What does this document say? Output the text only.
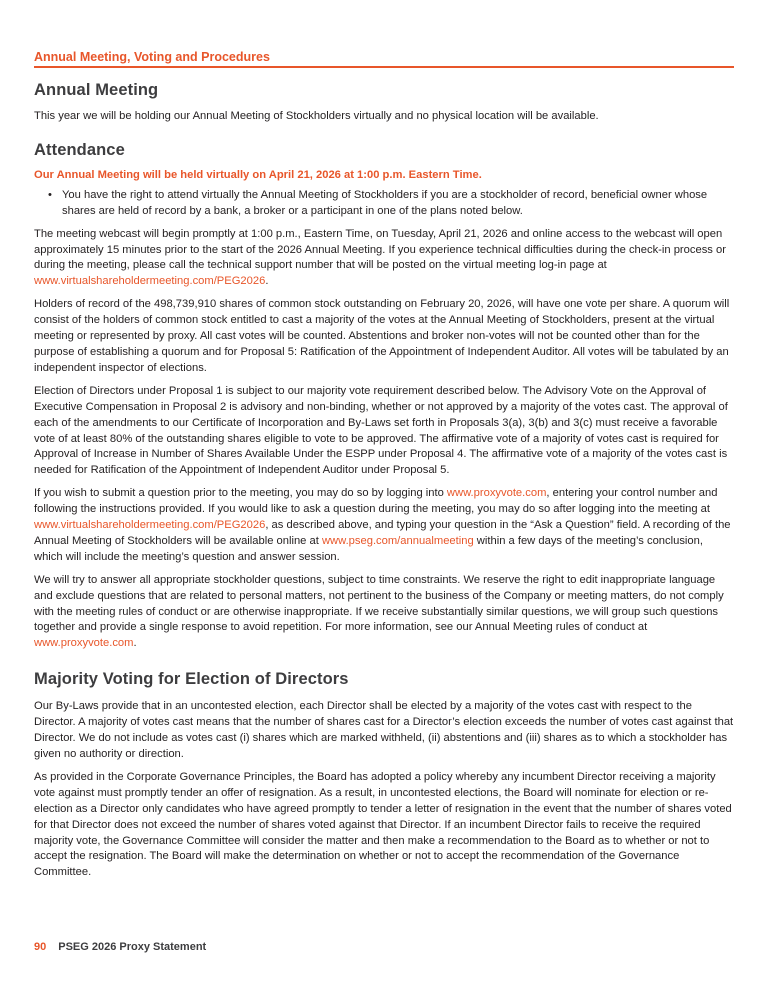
Annual Meeting, Voting and Procedures
Annual Meeting

This year we will be holding our Annual Meeting of Stockholders virtually and no physical location will be available.

Attendance

Our Annual Meeting will be held virtually on April 21, 2026 at 1:00 p.m. Eastern Time.

• You have the right to attend virtually the Annual Meeting of Stockholders if you are a stockholder of record, beneficial owner whose shares are held of record by a bank, a broker or a participant in one of the plans noted below.

The meeting webcast will begin promptly at 1:00 p.m., Eastern Time, on Tuesday, April 21, 2026 and online access to the webcast will open approximately 15 minutes prior to the start of the 2026 Annual Meeting. If you experience technical difficulties during the check-in process or during the meeting, please call the technical support number that will be posted on the virtual meeting log-in page at www.virtualshareholdermeeting.com/PEG2026.

Holders of record of the 498,739,910 shares of common stock outstanding on February 20, 2026, will have one vote per share. A quorum will consist of the holders of common stock entitled to cast a majority of the votes at the Annual Meeting of Stockholders, present at the virtual meeting or represented by proxy. All cast votes will be counted. Abstentions and broker non-votes will not be counted other than for the purpose of establishing a quorum and for Proposal 5: Ratification of the Appointment of Independent Auditor. All votes will be tabulated by an independent inspector of elections.

Election of Directors under Proposal 1 is subject to our majority vote requirement described below. The Advisory Vote on the Approval of Executive Compensation in Proposal 2 is advisory and non-binding, whether or not approved by a majority of the votes cast. The approval of each of the amendments to our Certificate of Incorporation and By-Laws set forth in Proposals 3(a), 3(b) and 3(c) must receive a favorable vote of at least 80% of the outstanding shares eligible to vote to be approved. The affirmative vote of a majority of votes cast is required for Approval of Increase in Number of Shares Available Under the ESPP under Proposal 4. The affirmative vote of a majority of the votes cast is needed for Ratification of the Appointment of Independent Auditor under Proposal 5.

If you wish to submit a question prior to the meeting, you may do so by logging into www.proxyvote.com, entering your control number and following the instructions provided. If you would like to ask a question during the meeting, you may do so after logging into the meeting at www.virtualshareholdermeeting.com/PEG2026, as described above, and typing your question in the “Ask a Question” field. A recording of the Annual Meeting of Stockholders will be available online at www.pseg.com/annualmeeting within a few days of the meeting’s conclusion, which will include the meeting’s question and answer session.

We will try to answer all appropriate stockholder questions, subject to time constraints. We reserve the right to edit inappropriate language and exclude questions that are related to personal matters, not pertinent to the business of the Company or meeting matters, do not comply with the meeting rules of conduct or are otherwise inappropriate. If we receive substantially similar questions, we will group such questions together and provide a single response to avoid repetition. For more information, see our Annual Meeting rules of conduct at www.proxyvote.com.

Majority Voting for Election of Directors

Our By-Laws provide that in an uncontested election, each Director shall be elected by a majority of the votes cast with respect to the Director. A majority of votes cast means that the number of shares cast for a Director’s election exceeds the number of votes cast against that Director. We do not include as votes cast (i) shares which are marked withheld, (ii) abstentions and (iii) shares as to which a stockholder has given no authority or direction.

As provided in the Corporate Governance Principles, the Board has adopted a policy whereby any incumbent Director receiving a majority vote against must promptly tender an offer of resignation. As a result, in uncontested elections, the Board will nominate for election or re-election as a Director only candidates who have agreed promptly to tender a letter of resignation in the event that the number of shares voted for that Director does not exceed the number of shares voted against that Director. If an incumbent Director fails to receive the required majority vote, the Governance Committee will consider the matter and then make a recommendation to the Board as to whether or not to accept the resignation. The Board will make the determination on whether or not to accept the recommendation of the Governance Committee.

90 PSEG 2026 Proxy Statement
